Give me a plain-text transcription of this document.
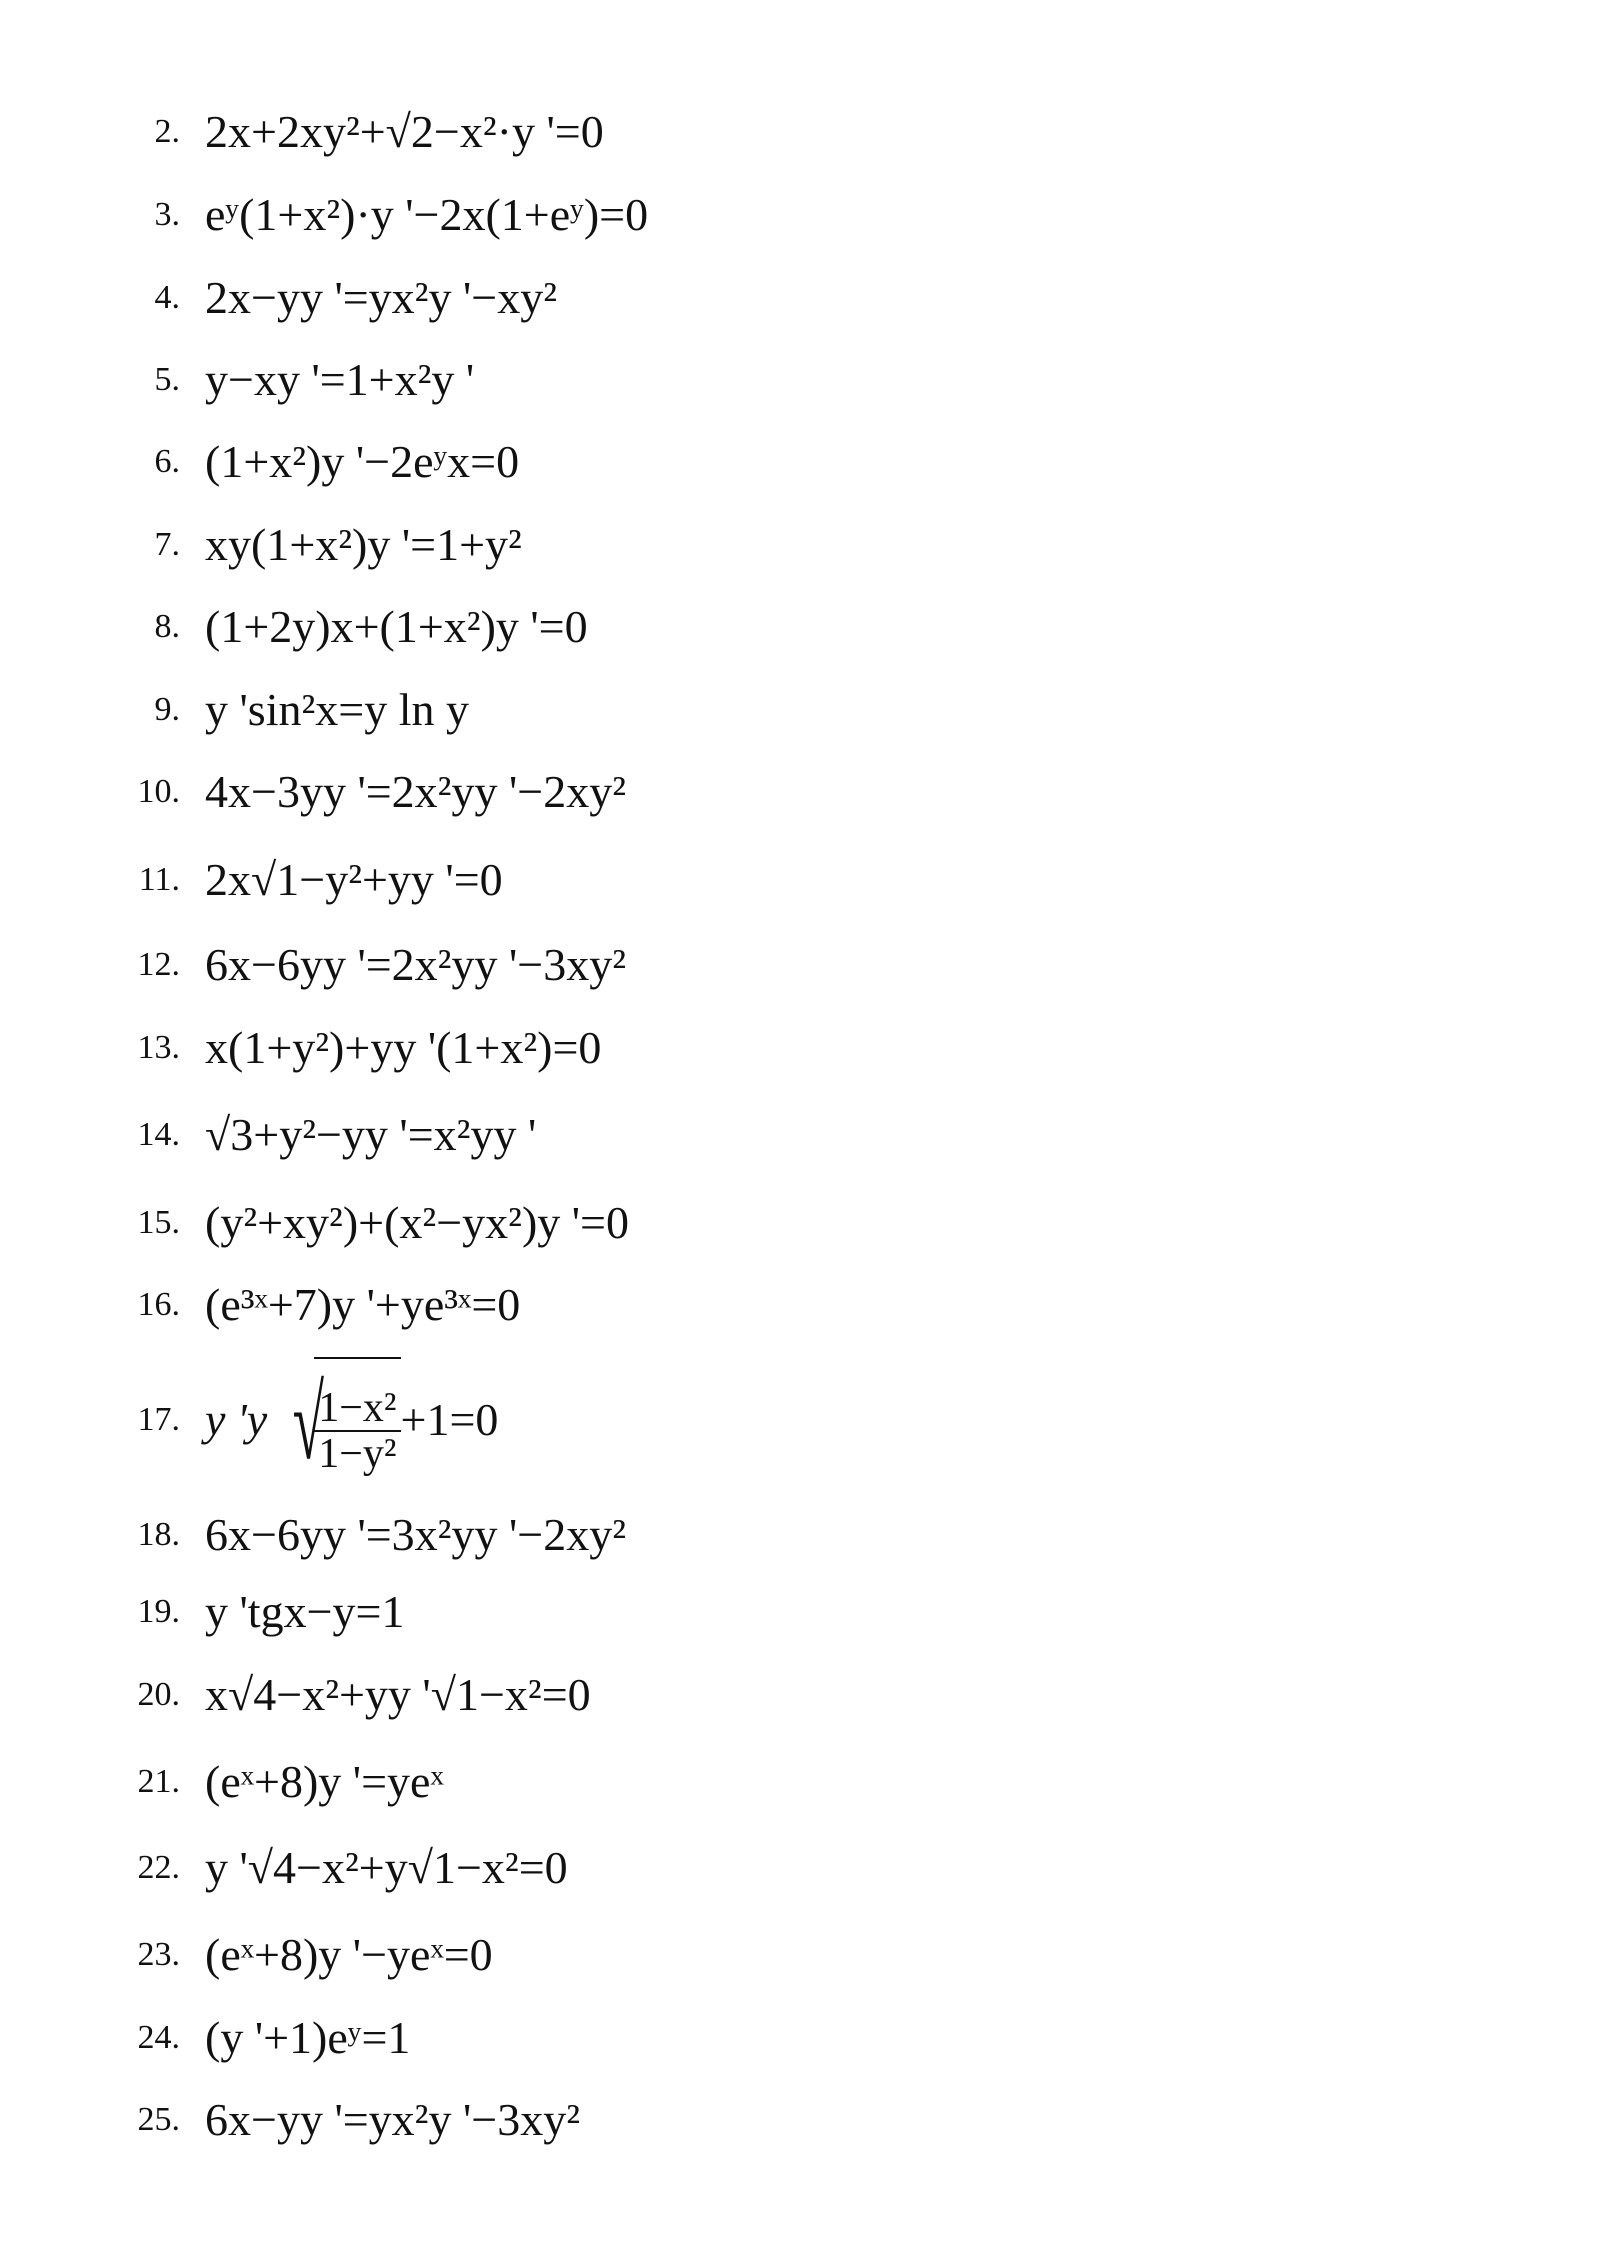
2. 2x+2xy²+√2−x²·y '=0
3. eʸ(1+x²)·y '−2x(1+eʸ)=0
4. 2x−yy '=yx²y '−xy²
5. y−xy '=1+x²y '
6. (1+x²)y '−2eʸx=0
7. xy(1+x²)y '=1+y²
8. (1+2y)x+(1+x²)y '=0
9. y 'sin²x=y ln y
10. 4x−3yy '=2x²yy '−2xy²
11. 2x√1−y²+yy '=0
12. 6x−6yy '=2x²yy '−3xy²
13. x(1+y²)+yy '(1+x²)=0
14. √3+y²−yy '=x²yy '
15. (y²+xy²)+(x²−yx²)y '=0
16. (e³ˣ+7)y '+ye³ˣ=0
17. y 'y √
$\frac{\text{1−x²}}{\text{1−y²}} +1=0$
18. 6x−6yy '=3x²yy '−2xy²
19. y 'tgx−y=1
20. x√4−x²+yy '√1−x²=0
21. (eˣ+8)y '=yeˣ
22. y '√4−x²+y√1−x²=0
23. (eˣ+8)y '−yeˣ=0
24. (y '+1)eʸ=1
25. 6x−yy '=yx²y '−3xy²
